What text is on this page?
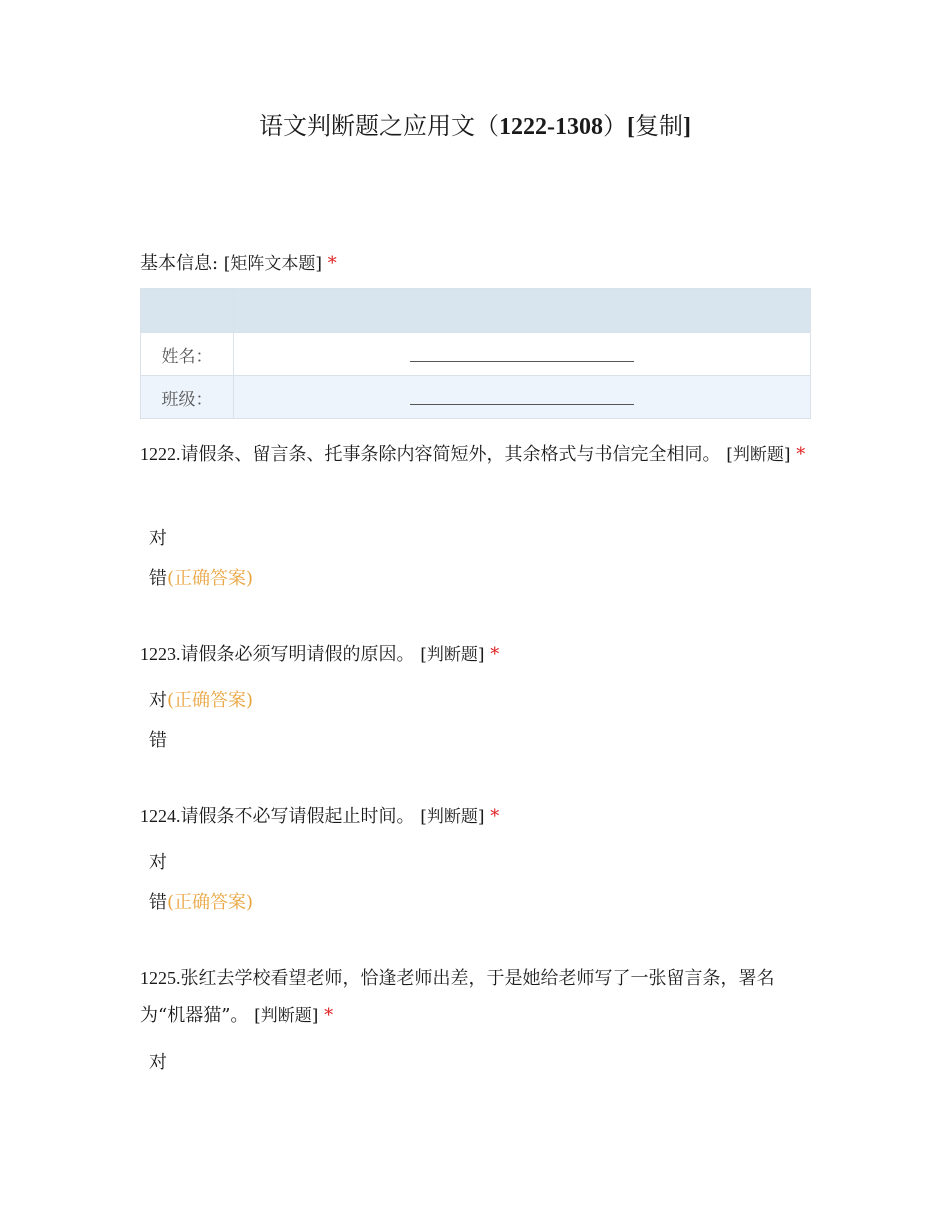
语文判断题之应用文（1222-1308）[复制]
基本信息: [矩阵文本题] *

姓名：	
班级：	
1222.请假条、留言条、托事条除内容简短外，其余格式与书信完全相同。 [判断题] *
对
错(正确答案)
1223.请假条必须写明请假的原因。 [判断题] *
对(正确答案)
错
1224.请假条不必写请假起止时间。 [判断题] *
对
错(正确答案)
1225.张红去学校看望老师，恰逢老师出差，于是她给老师写了一张留言条，署名为“机器猫”。 [判断题] *
对
